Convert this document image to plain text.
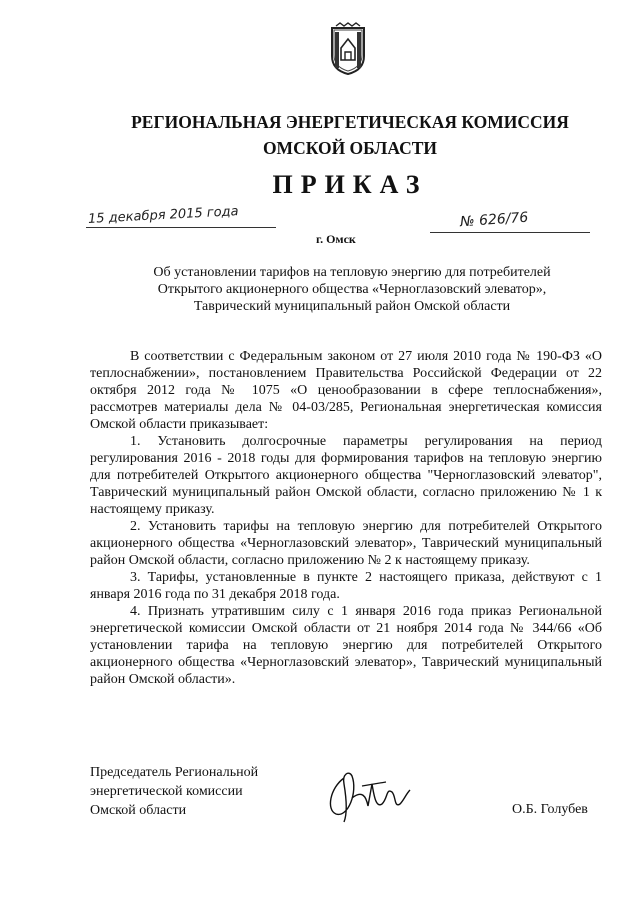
РЕГИОНАЛЬНАЯ ЭНЕРГЕТИЧЕСКАЯ КОМИССИЯ
ОМСКОЙ ОБЛАСТИ
ПРИКАЗ
15 декабря 2015 года	№ 626/76
г. Омск
Об установлении тарифов на тепловую энергию для потребителей
Открытого акционерного общества «Черноглазовский элеватор»,
Таврический муниципальный район Омской области

В соответствии с Федеральным законом от 27 июля 2010 года № 190-ФЗ «О теплоснабжении», постановлением Правительства Российской Федерации от 22 октября 2012 года № 1075 «О ценообразовании в сфере теплоснабжения», рассмотрев материалы дела № 04-03/285, Региональная энергетическая комиссия Омской области приказывает:

1. Установить долгосрочные параметры регулирования на период регулирования 2016 - 2018 годы для формирования тарифов на тепловую энергию для потребителей Открытого акционерного общества "Черноглазовский элеватор", Таврический муниципальный район Омской области, согласно приложению № 1 к настоящему приказу.

2. Установить тарифы на тепловую энергию для потребителей Открытого акционерного общества «Черноглазовский элеватор», Таврический муниципальный район Омской области, согласно приложению № 2 к настоящему приказу.

3. Тарифы, установленные в пункте 2 настоящего приказа, действуют с 1 января 2016 года по 31 декабря 2018 года.

4. Признать утратившим силу с 1 января 2016 года приказ Региональной энергетической комиссии Омской области от 21 ноября 2014 года № 344/66 «Об установлении тарифа на тепловую энергию для потребителей Открытого акционерного общества «Черноглазовский элеватор», Таврический муниципальный район Омской области».

Председатель Региональной
энергетической комиссии
Омской области	О.Б. Голубев
